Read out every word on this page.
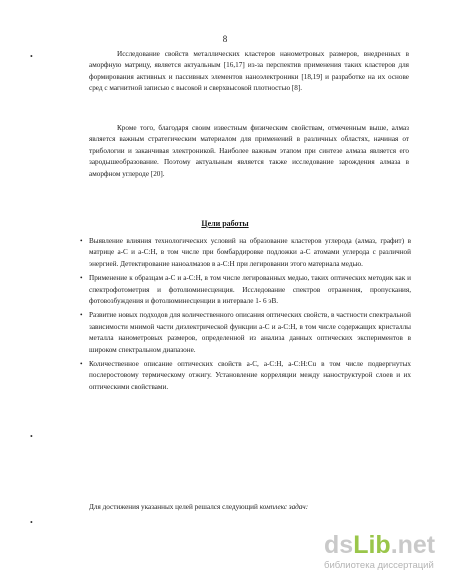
8
•
•
•

Исследование свойств металлических кластеров нанометровых размеров, внедренных в аморфную матрицу, является актуальным [16,17] из-за перспектив применения таких кластеров для формирования активных и пассивных элементов наноэлектроники [18,19] и разработке на их основе сред с магнитной записью с высокой и сверхвысокой плотностью [8].

Кроме того, благодаря своим известным физическим свойствам, отмеченным выше, алмаз является важным стратегическим материалом для применений в различных областях, начиная от трибологии и заканчивая электроникой. Наиболее важным этапом при синтезе алмаза является его зародышеобразование. Поэтому актуальным является также исследование зарождения алмаза в аморфном углероде [20].

Цели работы
• Выявление влияния технологических условий на образование кластеров углерода (алмаз, графит) в матрице a-C и a-C:H, в том числе при бомбардировке подложки a-C атомами углерода с различной энергией. Детектирование наноалмазов в a-C:H при легировании этого материала медью.
• Применение к образцам a-C и a-C:H, в том числе легированных медью, таких оптических методик как и спектрофотометрия и фотолюминесценция. Исследование спектров отражения, пропускания, фотовозбуждения и фотолюминесценции в интервале 1- 6 эВ.
• Развитие новых подходов для количественного описания оптических свойств, в частности спектральной зависимости мнимой части диэлектрической функции a-C и a-C:H, в том числе содержащих кристаллы металла нанометровых размеров, определенной из анализа данных оптических экспериментов в широком спектральном диапазоне.
• Количественное описание оптических свойств a-C, a-C:H, a-C:H:Cu в том числе подвергнутых послеростовому термическому отжигу. Установление корреляции между наноструктурой слоев и их оптическими свойствами.
Для достижения указанных целей решался следующий комплекс задач:
dsLib.net
библиотека диссертаций
